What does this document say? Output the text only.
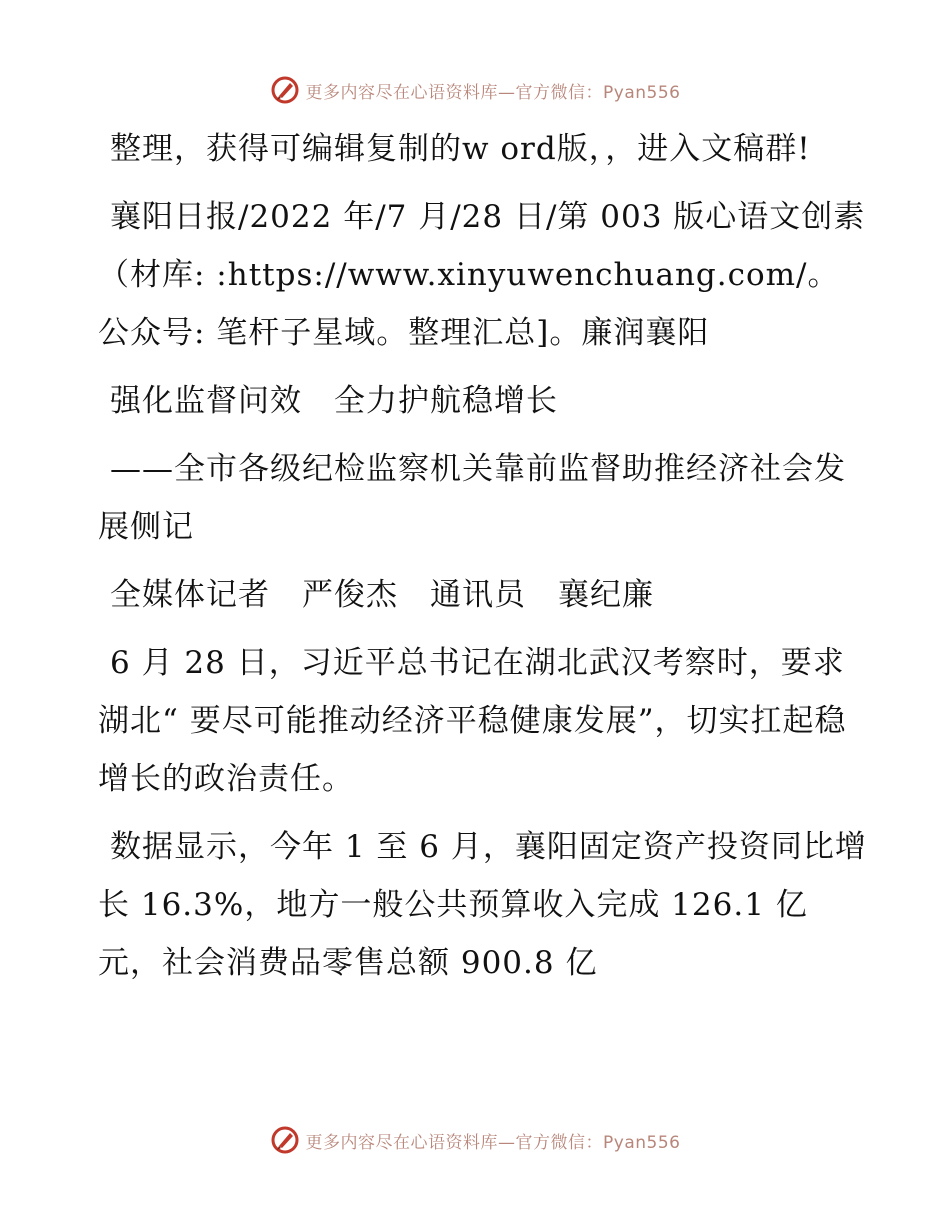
更多内容尽在心语资料库—官方微信：Pyan556

整理，获得可编辑复制的w ord版，，进入文稿群!

襄阳日报/2022 年/7 月/28 日/第 003 版心语文创素（材库: :https://www.xinyuwenchuang.com/。公众号: 笔杆子星域。整理汇总]。廉润襄阳

强化监督问效　全力护航稳增长

——全市各级纪检监察机关靠前监督助推经济社会发展侧记

全媒体记者　严俊杰　通讯员　襄纪廉

6 月 28 日，习近平总书记在湖北武汉考察时，要求湖北“ 要尽可能推动经济平稳健康发展”，切实扛起稳增长的政治责任。

数据显示，今年 1 至 6 月，襄阳固定资产投资同比增长 16.3%，地方一般公共预算收入完成 126.1 亿元，社会消费品零售总额 900.8 亿

更多内容尽在心语资料库—官方微信：Pyan556
